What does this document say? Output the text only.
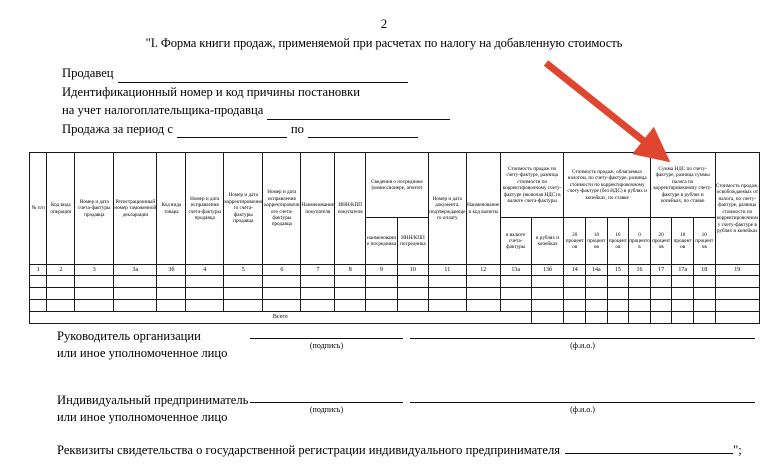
2
"I. Форма книги продаж, применяемой при расчетах по налогу на добавленную стоимость
Продавец
Идентификационный номер и код причины постановки
на учет налогоплательщика-продавца
Продажа за период с	по
№ п/п	Код вида операции	Номер и дата счета-фактуры продавца	Регистрационный номер таможенной декларации	Код вида товара	Номер и дата исправления счета-фактуры продавца	Номер и дата корректировочного счета-фактуры продавца	Номер и дата исправления корректировочного счета-фактуры продавца	Наименование покупателя	ИНН/КПП покупателя	Сведения о посреднике (комиссионере, агенте)		Номер и дата документа, подтверждающего оплату	Наименование и код валюты	Стоимость продаж по счету-фактуре, разница стоимости по корректировочному счету-фактуре (включая НДС) в валюте счета-фактуры		Стоимость продаж, облагаемых налогом, по счету-фактуре, разница стоимости по корректировочному счету-фактуре (без НДС) в рублях и копейках, по ставке				Сумма НДС по счету-фактуре, разница суммы налога по корректировочному счету-фактуре в рублях и копейках, по ставке			Стоимость продаж, освобождаемых от налога, по счету-фактуре, разница стоимости по корректировочному счету-фактуре в рублях и копейках
										наименование посредника	ИНН/КПП посредника			в валюте счета-фактуры	в рублях и копейках	20 процентов	18 процентов	10 процентов	0 процентов	20 процентов	18 процентов	10 процентов	
1	2	3	3а	3б	4	5	6	7	8	9	10	11	12	13а	13б	14	14а	15	16	17	17а	18	19

Всего																							
Руководитель организации
или иное уполномоченное лицо
(подпись)	(ф.и.о.)
Индивидуальный предприниматель
или иное уполномоченное лицо
(подпись)	(ф.и.о.)
Реквизиты свидетельства о государственной регистрации индивидуального предпринимателя	";
